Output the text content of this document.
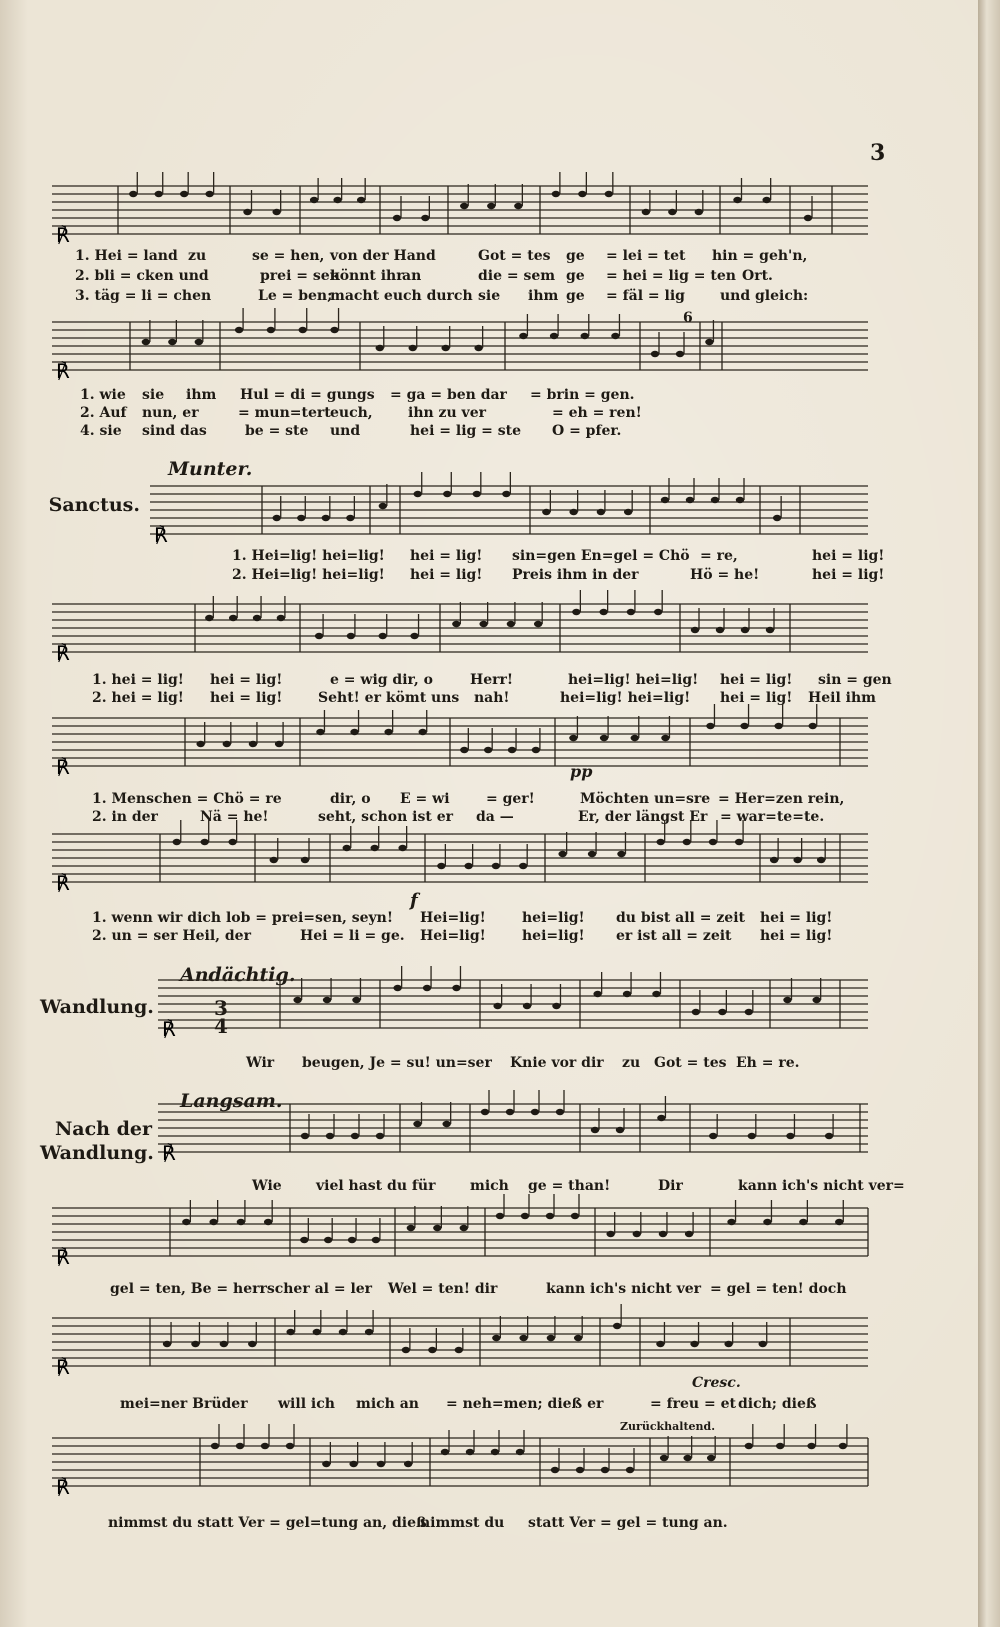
3
Munter.
Andächtig.
Langsam.
Sanctus.
Wandlung.
Nach der
Wandlung.
6
3
4
pp
f
Cresc.
Zurückhaltend.

1. Hei = land zu	se = hen, von der Hand	Got = tes ge = lei = tet hin = geh'n,

2. bli = cken und	prei = sen
könnt ihr
an	die = sem ge = hei = lig = ten Ort.

3. täg = li = chen	Le = ben;
macht euch durch sie ihm ge = fäl = lig	und gleich:

1. wie sie ihm Hul = di = gungs = ga = ben dar = brin = gen.

2. Auf nun, er	= mun=tert euch,	ihn zu ver	= eh = ren!

4. sie sind das	be = ste und	hei = lig = ste O = pfer.

1. Hei=lig! hei=lig! hei = lig! sin=gen En=gel = Chö = re,	hei = lig!

2. Hei=lig! hei=lig! hei = lig! Preis ihm in der	Hö = he!	hei = lig!

1. hei = lig! hei = lig!	e = wig dir, o	Herr!	hei=lig! hei=lig! hei = lig! sin = gen

2. hei = lig! hei = lig!	Seht! er kömt uns nah!	hei=lig! hei=lig! hei = lig! Heil ihm

1. Menschen = Chö = re	dir, o E = wi	= ger!	Möchten un=sre = Her=zen rein,

2. in der	Nä = he!	seht, schon ist er da —	Er, der längst Er = war=te=te.

1. wenn wir dich lob = prei=sen, seyn! Hei=lig!	hei=lig! du bist all = zeit hei = lig!

2. un = ser Heil, der	Hei = li = ge. Hei=lig!	hei=lig! er ist all = zeit hei = lig!

Wir beugen, Je = su! un=ser Knie vor dir zu Got = tes Eh = re.

Wie viel hast du für mich ge = than!	Dir	kann ich's nicht ver=

gel = ten, Be = herrscher al = ler Wel = ten! dir	kann ich's nicht ver = gel = ten! doch

mei=ner Brüder will ich mich an = neh=men; dieß er	= freu = et dich; dieß

nimmst du statt Ver = gel=tung an, dieß
nimmst du statt Ver = gel = tung an.

℟
℟
℟
℟
℟
℟
℟
℟
℟
℟
℟
